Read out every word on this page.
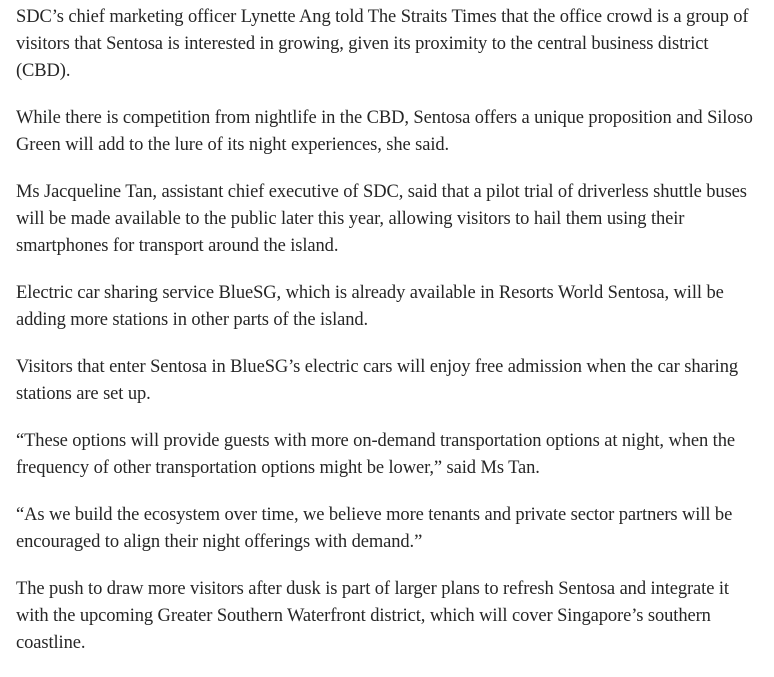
SDC’s chief marketing officer Lynette Ang told The Straits Times that the office crowd is a group of visitors that Sentosa is interested in growing, given its proximity to the central business district (CBD).

While there is competition from nightlife in the CBD, Sentosa offers a unique proposition and Siloso Green will add to the lure of its night experiences, she said.

Ms Jacqueline Tan, assistant chief executive of SDC, said that a pilot trial of driverless shuttle buses will be made available to the public later this year, allowing visitors to hail them using their smartphones for transport around the island.

Electric car sharing service BlueSG, which is already available in Resorts World Sentosa, will be adding more stations in other parts of the island.

Visitors that enter Sentosa in BlueSG’s electric cars will enjoy free admission when the car sharing stations are set up.

“These options will provide guests with more on-demand transportation options at night, when the frequency of other transportation options might be lower,” said Ms Tan.

“As we build the ecosystem over time, we believe more tenants and private sector partners will be encouraged to align their night offerings with demand.”

The push to draw more visitors after dusk is part of larger plans to refresh Sentosa and integrate it with the upcoming Greater Southern Waterfront district, which will cover Singapore’s southern coastline.
